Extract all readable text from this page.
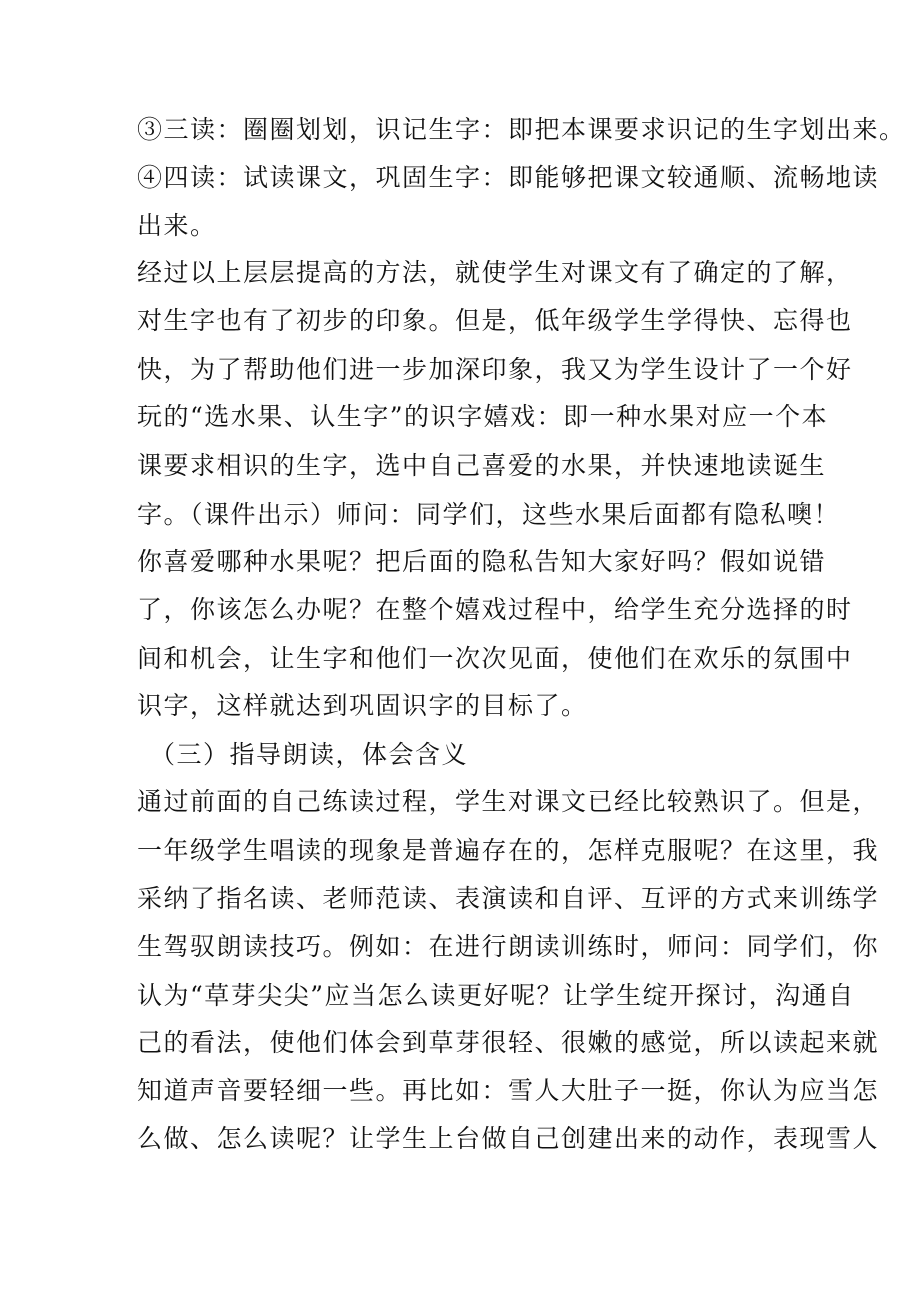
③三读：圈圈划划，识记生字：即把本课要求识记的生字划出来。
④四读：试读课文，巩固生字：即能够把课文较通顺、流畅地读
出来。
经过以上层层提高的方法，就使学生对课文有了确定的了解，
对生字也有了初步的印象。但是，低年级学生学得快、忘得也
快，为了帮助他们进一步加深印象，我又为学生设计了一个好
玩的“选水果、认生字”的识字嬉戏：即一种水果对应一个本
课要求相识的生字，选中自己喜爱的水果，并快速地读诞生
字。（课件出示）师问：同学们，这些水果后面都有隐私噢！
你喜爱哪种水果呢？把后面的隐私告知大家好吗？假如说错
了，你该怎么办呢？在整个嬉戏过程中，给学生充分选择的时
间和机会，让生字和他们一次次见面，使他们在欢乐的氛围中
识字，这样就达到巩固识字的目标了。
（三）指导朗读，体会含义
通过前面的自己练读过程，学生对课文已经比较熟识了。但是，
一年级学生唱读的现象是普遍存在的，怎样克服呢？在这里，我
采纳了指名读、老师范读、表演读和自评、互评的方式来训练学
生驾驭朗读技巧。例如：在进行朗读训练时，师问：同学们，你
认为“草芽尖尖”应当怎么读更好呢？让学生绽开探讨，沟通自
己的看法，使他们体会到草芽很轻、很嫩的感觉，所以读起来就
知道声音要轻细一些。再比如：雪人大肚子一挺，你认为应当怎
么做、怎么读呢？让学生上台做自己创建出来的动作，表现雪人
